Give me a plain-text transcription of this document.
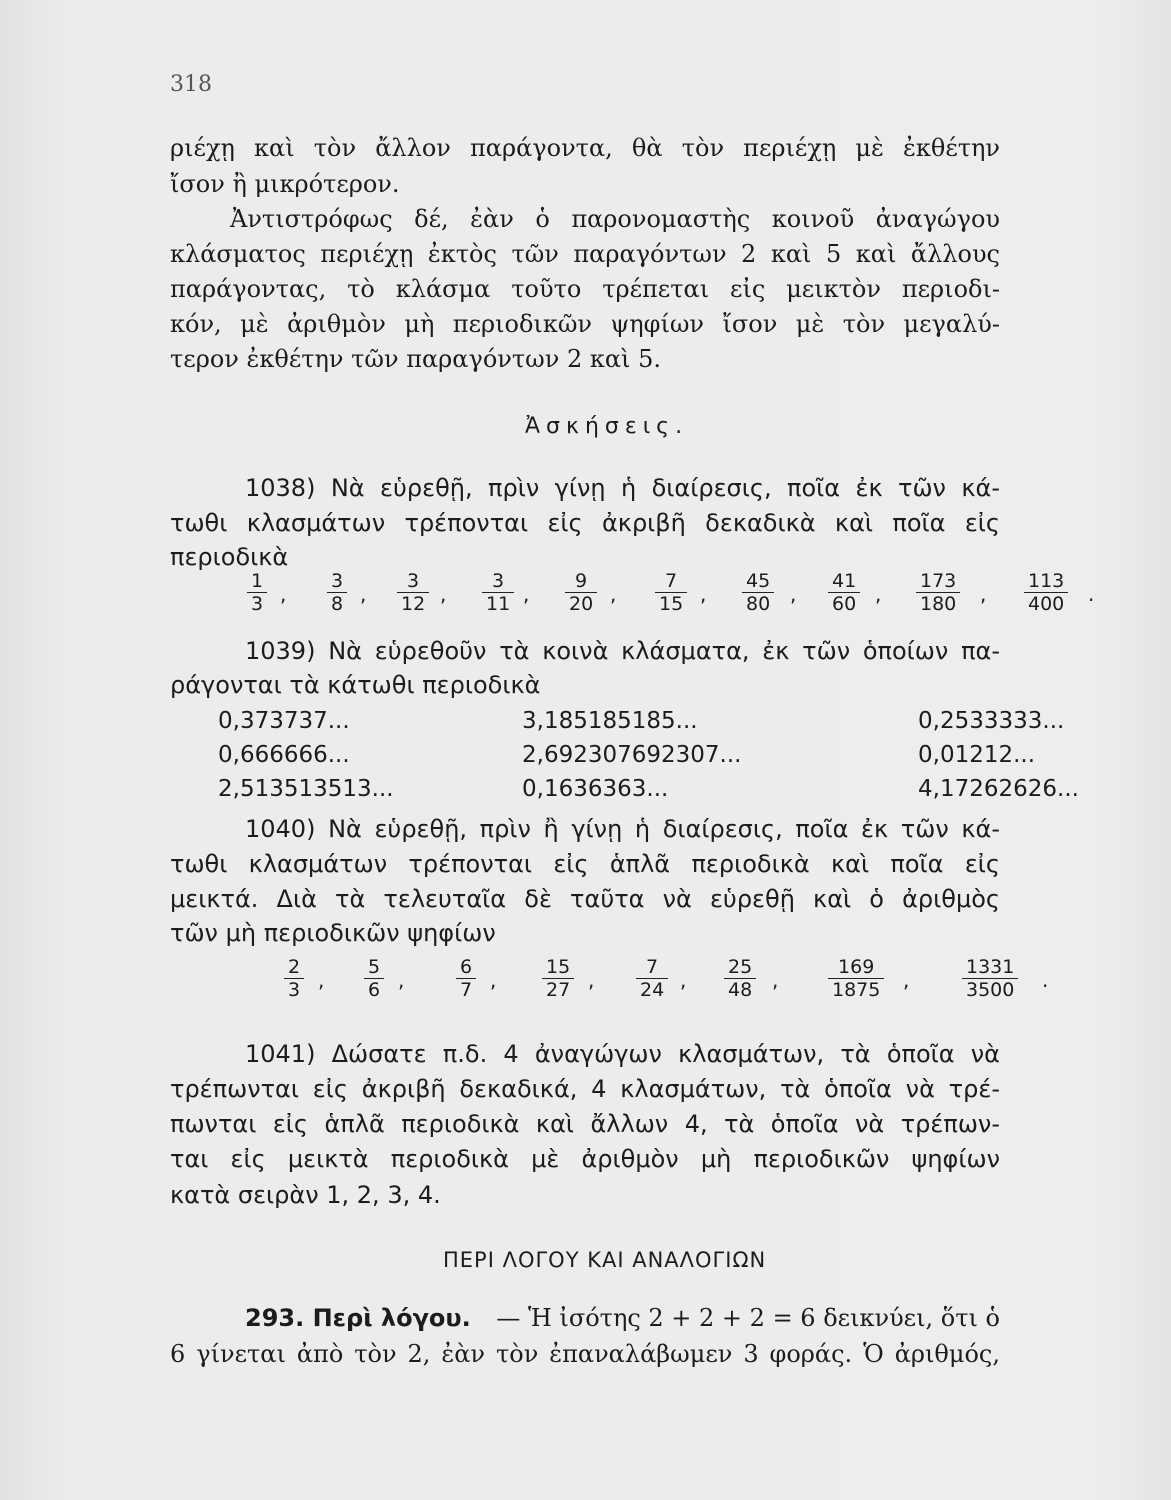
318
ριέχῃ καὶ τὸν ἄλλον παράγοντα, θὰ τὸν περιέχῃ μὲ ἐκθέτην
ἴσον ἢ μικρότερον.
Ἀντιστρόφως δέ, ἐὰν ὁ παρονομαστὴς κοινοῦ ἀναγώγου
κλάσματος περιέχῃ ἐκτὸς τῶν παραγόντων 2 καὶ 5 καὶ ἄλλους
παράγοντας, τὸ κλάσμα τοῦτο τρέπεται εἰς μεικτὸν περιοδι-
κόν, μὲ ἀριθμὸν μὴ περιοδικῶν ψηφίων ἴσον μὲ τὸν μεγαλύ-
τερον ἐκθέτην τῶν παραγόντων 2 καὶ 5.
Ἀσκήσεις.
1038) Νὰ εὑρεθῇ, πρὶν γίνῃ ἡ διαίρεσις, ποῖα ἐκ τῶν κά-
τωθι κλασμάτων τρέπονται εἰς ἀκριβῆ δεκαδικὰ καὶ ποῖα εἰς
περιοδικὰ
$\frac{1}{3}$ , $\frac{3}{8}$ , $\frac{3}{12}$ , $\frac{3}{11}$ , $\frac{9}{20}$ , $\frac{7}{15}$ , $\frac{45}{80}$ , $\frac{41}{60}$ , $\frac{173}{180}$ , $\frac{113}{400}$ .
1039) Νὰ εὑρεθοῦν τὰ κοινὰ κλάσματα, ἐκ τῶν ὁποίων πα-
ράγονται τὰ κάτωθι περιοδικὰ
0,373737...	3,185185185...	0,2533333...
0,666666...	2,692307692307...	0,01212...
2,513513513...	0,1636363...	4,17262626...
1040) Νὰ εὑρεθῇ, πρὶν ἢ γίνῃ ἡ διαίρεσις, ποῖα ἐκ τῶν κά-
τωθι κλασμάτων τρέπονται εἰς ἁπλᾶ περιοδικὰ καὶ ποῖα εἰς
μεικτά. Διὰ τὰ τελευταῖα δὲ ταῦτα νὰ εὑρεθῇ καὶ ὁ ἀριθμὸς
τῶν μὴ περιοδικῶν ψηφίων
$\frac{2}{3}$ , $\frac{5}{6}$ ,	$\frac{6}{7}$ , $\frac{15}{27}$ , $\frac{7}{24}$ , $\frac{25}{48}$ ,	$\frac{169}{1875}$ ,	$\frac{1331}{3500}$ .
1041) Δώσατε π.δ. 4 ἀναγώγων κλασμάτων, τὰ ὁποῖα νὰ
τρέπωνται εἰς ἀκριβῆ δεκαδικά, 4 κλασμάτων, τὰ ὁποῖα νὰ τρέ-
πωνται εἰς ἁπλᾶ περιοδικὰ καὶ ἄλλων 4, τὰ ὁποῖα νὰ τρέπων-
ται εἰς μεικτὰ περιοδικὰ μὲ ἀριθμὸν μὴ περιοδικῶν ψηφίων
κατὰ σειρὰν 1, 2, 3, 4.
ΠΕΡΙ ΛΟΓΟΥ ΚΑΙ ΑΝΑΛΟΓΙΩΝ
293. Περὶ λόγου. — Ἡ ἰσότης 2 + 2 + 2 = 6 δεικνύει, ὅτι ὁ
6 γίνεται ἀπὸ τὸν 2, ἐὰν τὸν ἐπαναλάβωμεν 3 φοράς. Ὁ ἀριθμός,
